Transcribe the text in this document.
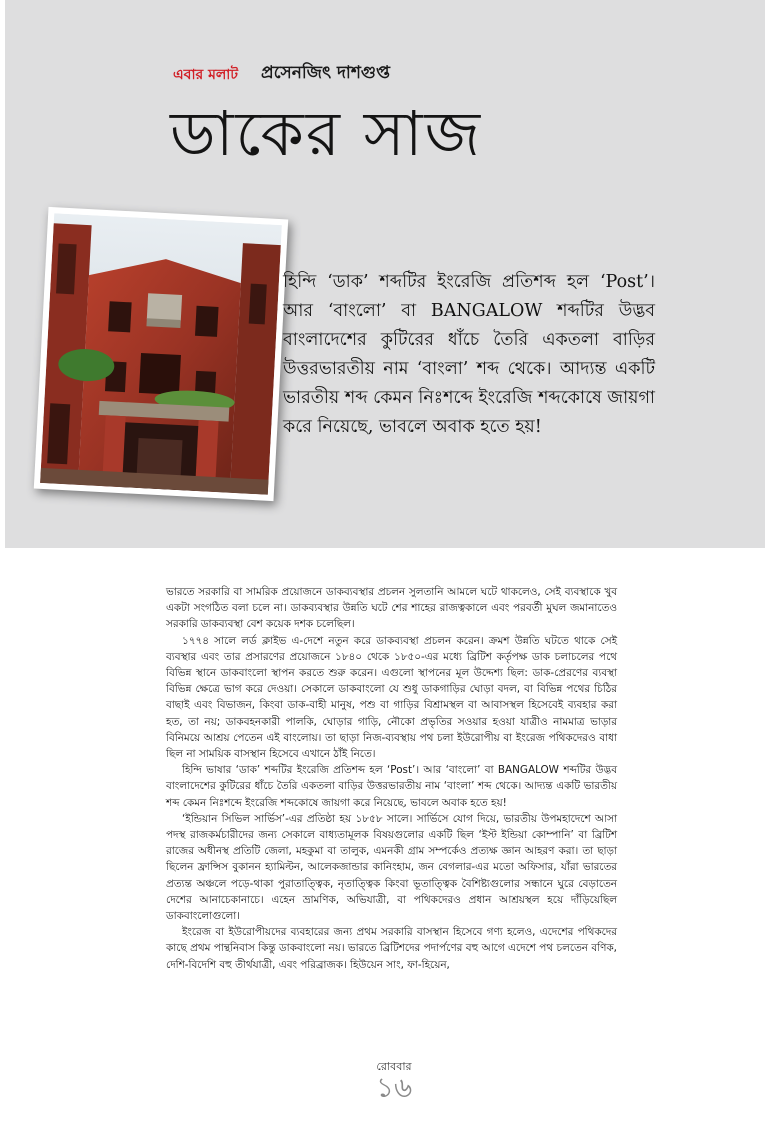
এবার মলাট প্রসেনজিৎ দাশগুপ্ত
ডাকের সাজ
হিন্দি ‘ডাক’ শব্দটির ইংরেজি প্রতিশব্দ হল ‘Post’। আর ‘বাংলো’ বা BANGALOW শব্দটির উদ্ভব বাংলাদেশের কুটিরের ধাঁচে তৈরি একতলা বাড়ির উত্তরভারতীয় নাম ‘বাংলা’ শব্দ থেকে। আদ্যন্ত একটি ভারতীয় শব্দ কেমন নিঃশব্দে ইংরেজি শব্দকোষে জায়গা করে নিয়েছে, ভাবলে অবাক হতে হয়!

ভারতে সরকারি বা সামরিক প্রয়োজনে ডাকব্যবস্থার প্রচলন সুলতানি আমলে ঘটে থাকলেও, সেই ব্যবস্থাকে খুব একটা সংগঠিত বলা চলে না। ডাকব্যবস্থার উন্নতি ঘটে শের শাহের রাজত্বকালে এবং পরবর্তী মুঘল জমানাতেও সরকারি ডাকব্যবস্থা বেশ কয়েক দশক চলেছিল।

১৭৭৪ সালে লর্ড ক্লাইভ এ-দেশে নতুন করে ডাকব্যবস্থা প্রচলন করেন। ক্রমশ উন্নতি ঘটতে থাকে সেই ব্যবস্থার এবং তার প্রসারণের প্রয়োজনে ১৮৪০ থেকে ১৮৫০-এর মধ্যে ব্রিটিশ কর্তৃপক্ষ ডাক চলাচলের পথে বিভিন্ন স্থানে ডাকবাংলো স্থাপন করতে শুরু করেন। এগুলো স্থাপনের মূল উদ্দেশ্য ছিল: ডাক-প্রেরণের ব্যবস্থা বিভিন্ন ক্ষেত্রে ভাগ করে দেওয়া। সেকালে ডাকবাংলো যে শুধু ডাকগাড়ির ঘোড়া বদল, বা বিভিন্ন পথের চিঠির বাছাই এবং বিভাজন, কিংবা ডাক-বাহী মানুষ, পশু বা গাড়ির বিশ্রামস্থল বা আবাসস্থল হিসেবেই ব্যবহার করা হত, তা নয়; ডাকবহনকারী পালকি, ঘোড়ার গাড়ি, নৌকো প্রভৃতির সওয়ার হওয়া যাত্রীও নামমাত্র ভাড়ার বিনিময়ে আশ্রয় পেতেন এই বাংলোয়। তা ছাড়া নিজ-ব্যবস্থায় পথ চলা ইউরোপীয় বা ইংরেজ পথিকদেরও বাধা ছিল না সাময়িক বাসস্থান হিসেবে এখানে ঠাঁই নিতে।

হিন্দি ভাষার ‘ডাক’ শব্দটির ইংরেজি প্রতিশব্দ হল ‘Post’। আর ‘বাংলো’ বা BANGALOW শব্দটির উদ্ভব বাংলাদেশের কুটিরের ধাঁচে তৈরি একতলা বাড়ির উত্তরভারতীয় নাম ‘বাংলা’ শব্দ থেকে। আদ্যন্ত একটি ভারতীয় শব্দ কেমন নিঃশব্দে ইংরেজি শব্দকোষে জায়গা করে নিয়েছে, ভাবলে অবাক হতে হয়!

‘ইন্ডিয়ান সিভিল সার্ভিস’-এর প্রতিষ্ঠা হয় ১৮৫৮ সালে। সার্ভিসে যোগ দিয়ে, ভারতীয় উপমহাদেশে আসা পদস্থ রাজকর্মচারীদের জন্য সেকালে বাধ্যতামূলক বিষয়গুলোর একটি ছিল ‘ইস্ট ইন্ডিয়া কোম্পানি’ বা ব্রিটিশ রাজের অধীনস্থ প্রতিটি জেলা, মহকুমা বা তালুক, এমনকী গ্রাম সম্পর্কেও প্রত্যক্ষ জ্ঞান আহরণ করা। তা ছাড়া ছিলেন ফ্রান্সিস বুকানন হ্যামিল্টন, আলেকজান্ডার কানিংহাম, জন বেগলার-এর মতো অফিসার, যাঁরা ভারতের প্রত্যন্ত অঞ্চলে পড়ে-থাকা পুরাতাত্ত্বিক, নৃতাত্ত্বিক কিংবা ভূতাত্ত্বিক বৈশিষ্ট্যগুলোর সন্ধানে ঘুরে বেড়াতেন দেশের আনাচেকানাচে। এহেন ভ্রামণিক, অভিযাত্রী, বা পথিকদেরও প্রধান আশ্রয়স্থল হয়ে দাঁড়িয়েছিল ডাকবাংলোগুলো।

ইংরেজ বা ইউরোপীয়দের ব্যবহারের জন্য প্রথম সরকারি বাসস্থান হিসেবে গণ্য হলেও, এদেশের পথিকদের কাছে প্রথম পান্থনিবাস কিন্তু ডাকবাংলো নয়। ভারতে ব্রিটিশদের পদার্পণের বহু আগে এদেশে পথ চলতেন বণিক, দেশি-বিদেশি বহু তীর্থযাত্রী, এবং পরিব্রাজক। হিউয়েন সাং, ফা-হিয়েন,

রোববার
১৬
